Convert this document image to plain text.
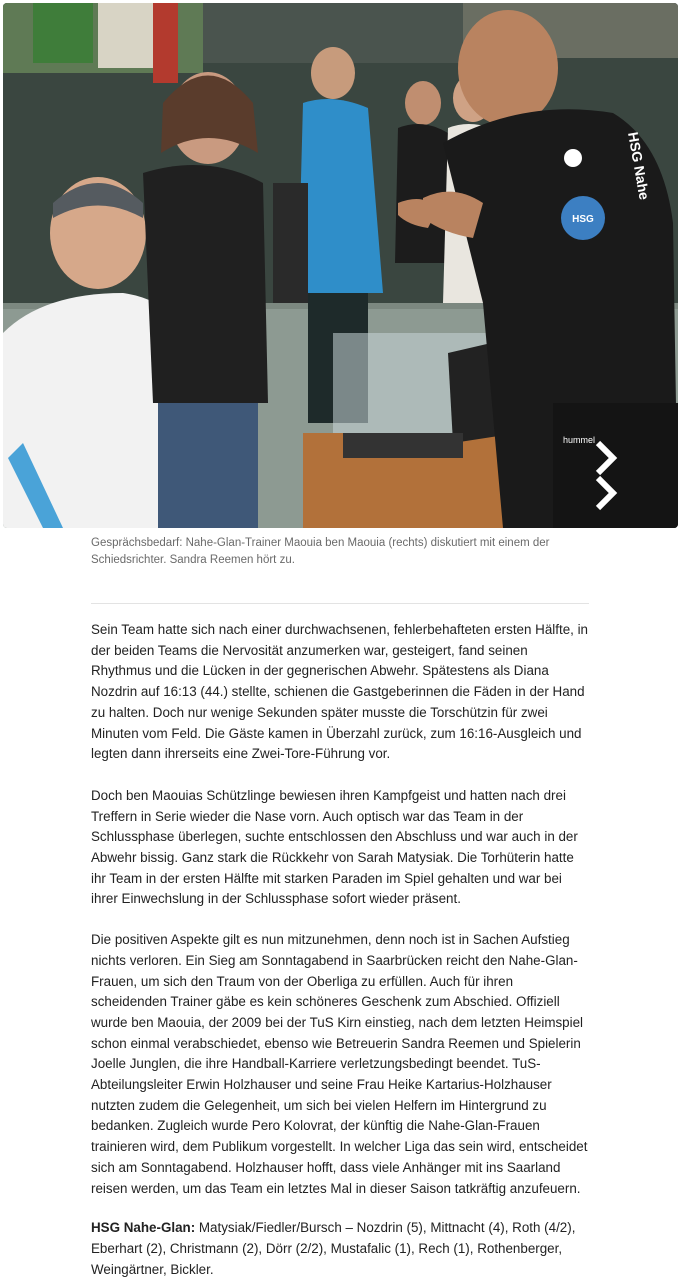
HSG
HSG Nahe
hummel
Gesprächsbedarf: Nahe-Glan-Trainer Maouia ben Maouia (rechts) diskutiert mit einem der Schiedsrichter. Sandra Reemen hört zu.

Sein Team hatte sich nach einer durchwachsenen, fehlerbehafteten ersten Hälfte, in der beiden Teams die Nervosität anzumerken war, gesteigert, fand seinen Rhythmus und die Lücken in der gegnerischen Abwehr. Spätestens als Diana Nozdrin auf 16:13 (44.) stellte, schienen die Gastgeberinnen die Fäden in der Hand zu halten. Doch nur wenige Sekunden später musste die Torschützin für zwei Minuten vom Feld. Die Gäste kamen in Überzahl zurück, zum 16:16-Ausgleich und legten dann ihrerseits eine Zwei-Tore-Führung vor.

Doch ben Maouias Schützlinge bewiesen ihren Kampfgeist und hatten nach drei Treffern in Serie wieder die Nase vorn. Auch optisch war das Team in der Schlussphase überlegen, suchte entschlossen den Abschluss und war auch in der Abwehr bissig. Ganz stark die Rückkehr von Sarah Matysiak. Die Torhüterin hatte ihr Team in der ersten Hälfte mit starken Paraden im Spiel gehalten und war bei ihrer Einwechslung in der Schlussphase sofort wieder präsent.

Die positiven Aspekte gilt es nun mitzunehmen, denn noch ist in Sachen Aufstieg nichts verloren. Ein Sieg am Sonntagabend in Saarbrücken reicht den Nahe-Glan-Frauen, um sich den Traum von der Oberliga zu erfüllen. Auch für ihren scheidenden Trainer gäbe es kein schöneres Geschenk zum Abschied. Offiziell wurde ben Maouia, der 2009 bei der TuS Kirn einstieg, nach dem letzten Heimspiel schon einmal verabschiedet, ebenso wie Betreuerin Sandra Reemen und Spielerin Joelle Junglen, die ihre Handball-Karriere verletzungsbedingt beendet. TuS-Abteilungsleiter Erwin Holzhauser und seine Frau Heike Kartarius-Holzhauser nutzten zudem die Gelegenheit, um sich bei vielen Helfern im Hintergrund zu bedanken. Zugleich wurde Pero Kolovrat, der künftig die Nahe-Glan-Frauen trainieren wird, dem Publikum vorgestellt. In welcher Liga das sein wird, entscheidet sich am Sonntagabend. Holzhauser hofft, dass viele Anhänger mit ins Saarland reisen werden, um das Team ein letztes Mal in dieser Saison tatkräftig anzufeuern.

HSG Nahe-Glan: Matysiak/Fiedler/Bursch – Nozdrin (5), Mittnacht (4), Roth (4/2), Eberhart (2), Christmann (2), Dörr (2/2), Mustafalic (1), Rech (1), Rothenberger, Weingärtner, Bickler.
